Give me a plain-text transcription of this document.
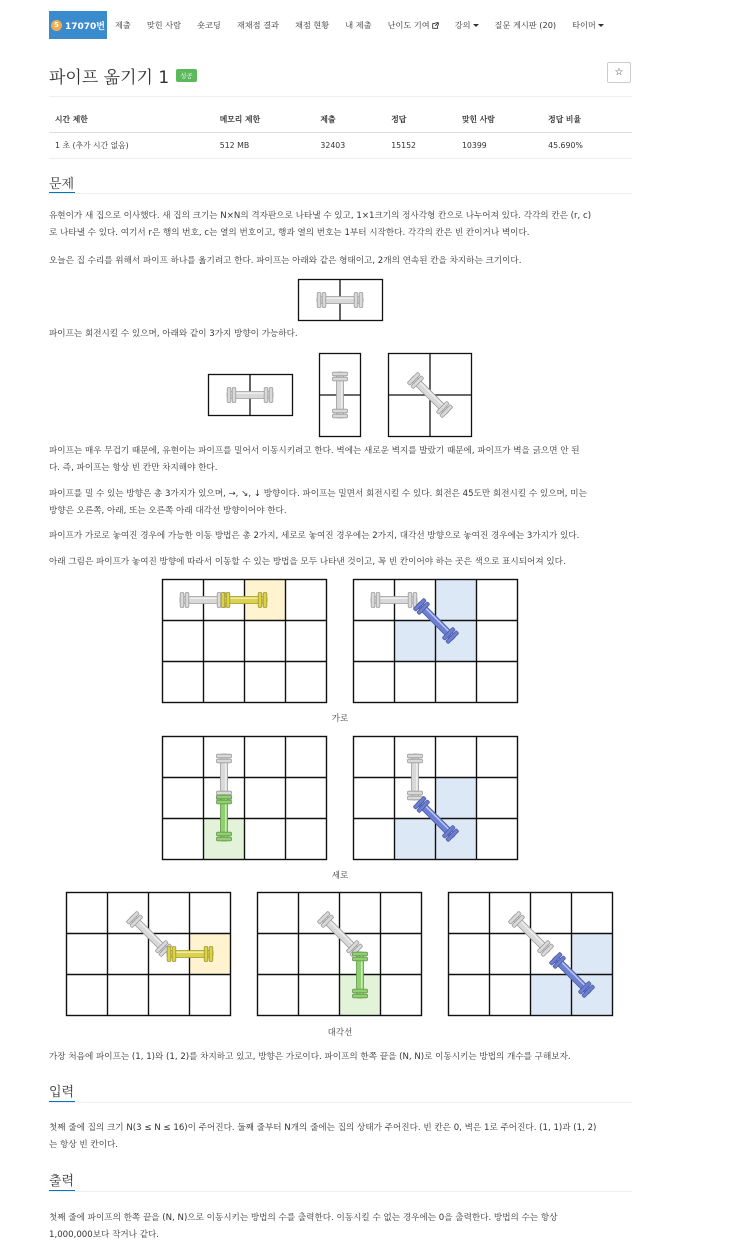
5 17070번 제출 맞힌 사람 숏코딩 재채점 결과 채점 현황 내 제출 난이도 기여	강의	질문 게시판 (20) 타이머
파이프 옮기기 1	성공	☆
시간 제한	메모리 제한	제출	정답	맞힌 사람	정답 비율
1 초 (추가 시간 없음)	512 MB	32403	15152	10399	45.690%
문제
유현이가 새 집으로 이사했다. 새 집의 크기는 N×N의 격자판으로 나타낼 수 있고, 1×1크기의 정사각형 칸으로 나누어져 있다. 각각의 칸은 (r, c)
로 나타낼 수 있다. 여기서 r은 행의 번호, c는 열의 번호이고, 행과 열의 번호는 1부터 시작한다. 각각의 칸은 빈 칸이거나 벽이다.
오늘은 집 수리를 위해서 파이프 하나를 옮기려고 한다. 파이프는 아래와 같은 형태이고, 2개의 연속된 칸을 차지하는 크기이다.
파이프는 회전시킬 수 있으며, 아래와 같이 3가지 방향이 가능하다.
파이프는 매우 무겁기 때문에, 유현이는 파이프를 밀어서 이동시키려고 한다. 벽에는 새로운 벽지를 발랐기 때문에, 파이프가 벽을 긁으면 안 된
다. 즉, 파이프는 항상 빈 칸만 차지해야 한다.
파이프를 밀 수 있는 방향은 총 3가지가 있으며, →, ↘, ↓ 방향이다. 파이프는 밀면서 회전시킬 수 있다. 회전은 45도만 회전시킬 수 있으며, 미는
방향은 오른쪽, 아래, 또는 오른쪽 아래 대각선 방향이어야 한다.
파이프가 가로로 놓여진 경우에 가능한 이동 방법은 총 2가지, 세로로 놓여진 경우에는 2가지, 대각선 방향으로 놓여진 경우에는 3가지가 있다.
아래 그림은 파이프가 놓여진 방향에 따라서 이동할 수 있는 방법을 모두 나타낸 것이고, 꼭 빈 칸이어야 하는 곳은 색으로 표시되어져 있다.
가로
세로
대각선
가장 처음에 파이프는 (1, 1)와 (1, 2)를 차지하고 있고, 방향은 가로이다. 파이프의 한쪽 끝을 (N, N)로 이동시키는 방법의 개수를 구해보자.
입력
첫째 줄에 집의 크기 N(3 ≤ N ≤ 16)이 주어진다. 둘째 줄부터 N개의 줄에는 집의 상태가 주어진다. 빈 칸은 0, 벽은 1로 주어진다. (1, 1)과 (1, 2)
는 항상 빈 칸이다.
출력
첫째 줄에 파이프의 한쪽 끝을 (N, N)으로 이동시키는 방법의 수를 출력한다. 이동시킬 수 없는 경우에는 0을 출력한다. 방법의 수는 항상
1,000,000보다 작거나 같다.
